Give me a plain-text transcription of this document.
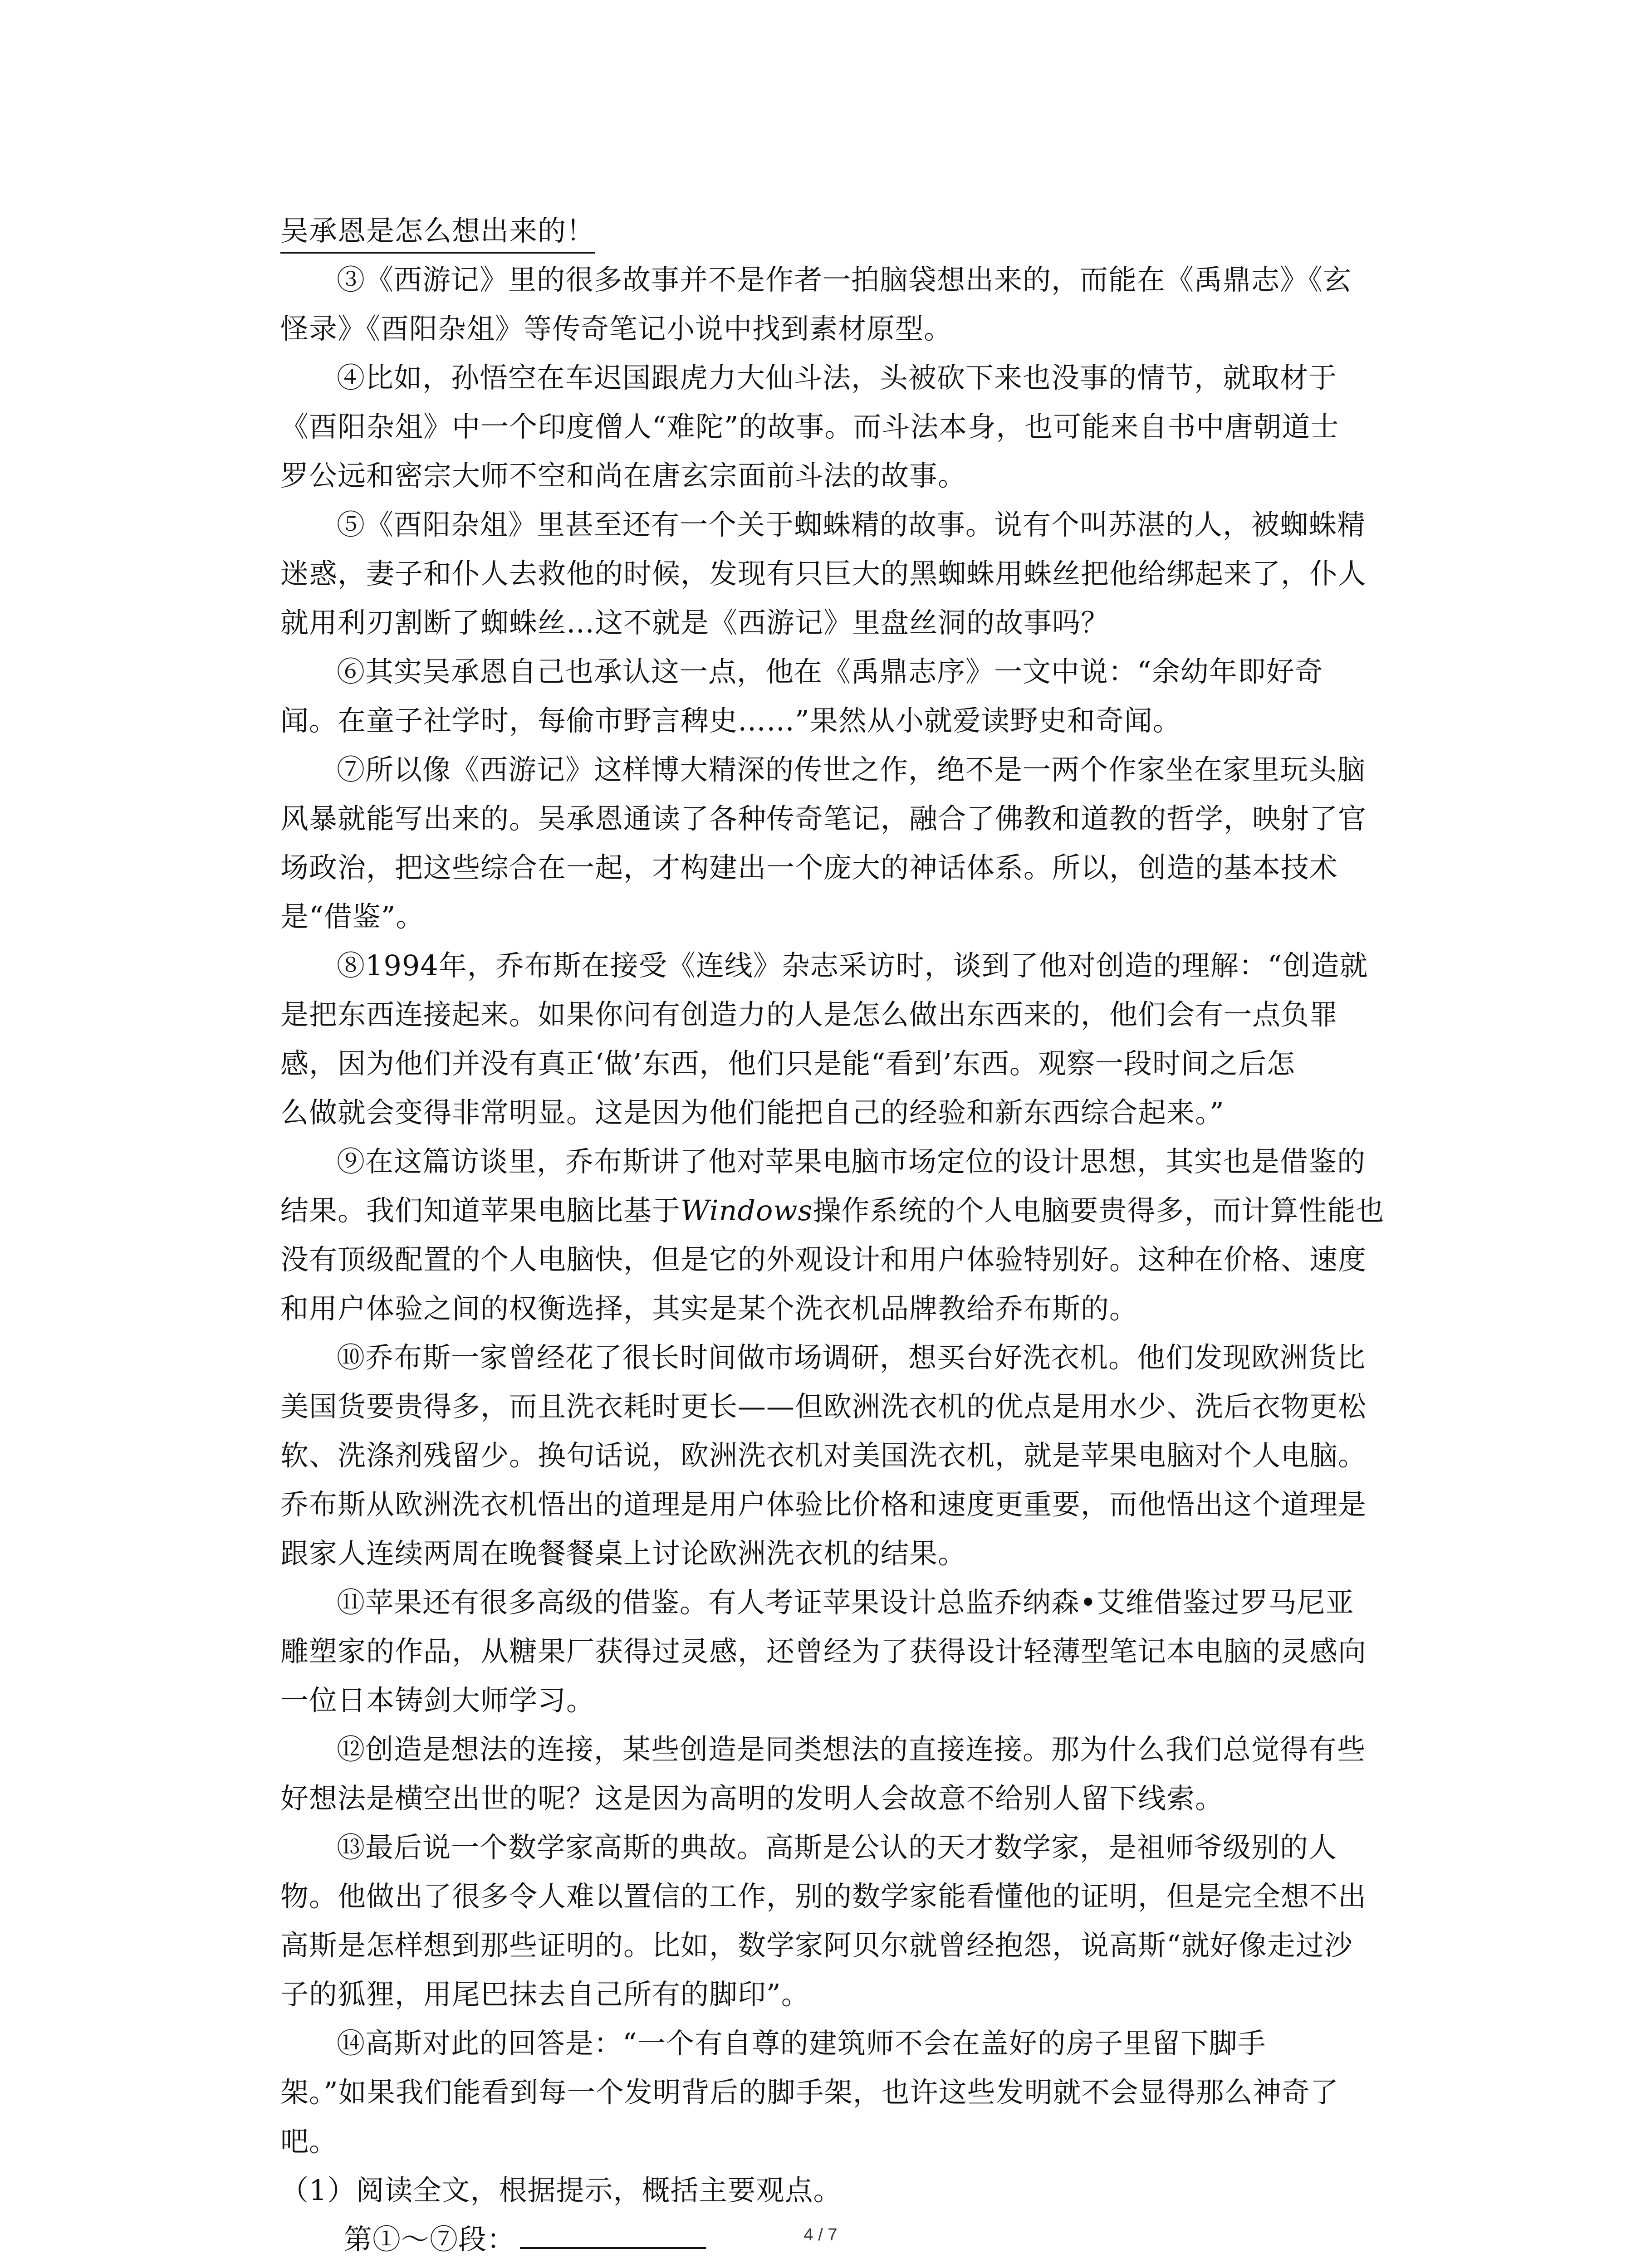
吴承恩是怎么想出来的！
③《西游记》里的很多故事并不是作者一拍脑袋想出来的，而能在《禹鼎志》《玄
怪录》《酉阳杂俎》等传奇笔记小说中找到素材原型。
④比如，孙悟空在车迟国跟虎力大仙斗法，头被砍下来也没事的情节，就取材于
《酉阳杂俎》中一个印度僧人“难陀”的故事。而斗法本身，也可能来自书中唐朝道士
罗公远和密宗大师不空和尚在唐玄宗面前斗法的故事。
⑤《酉阳杂俎》里甚至还有一个关于蜘蛛精的故事。说有个叫苏湛的人，被蜘蛛精
迷惑，妻子和仆人去救他的时候，发现有只巨大的黑蜘蛛用蛛丝把他给绑起来了，仆人
就用利刃割断了蜘蛛丝…这不就是《西游记》里盘丝洞的故事吗？
⑥其实吴承恩自己也承认这一点，他在《禹鼎志序》一文中说：“余幼年即好奇
闻。在童子社学时，每偷市野言稗史……”果然从小就爱读野史和奇闻。
⑦所以像《西游记》这样博大精深的传世之作，绝不是一两个作家坐在家里玩头脑
风暴就能写出来的。吴承恩通读了各种传奇笔记，融合了佛教和道教的哲学，映射了官
场政治，把这些综合在一起，才构建出一个庞大的神话体系。所以，创造的基本技术
是“借鉴”。
⑧1994年，乔布斯在接受《连线》杂志采访时，谈到了他对创造的理解：“创造就
是把东西连接起来。如果你问有创造力的人是怎么做出东西来的，他们会有一点负罪
感，因为他们并没有真正‘做’东西，他们只是能“看到’东西。观察一段时间之后怎
么做就会变得非常明显。这是因为他们能把自己的经验和新东西综合起来。”
⑨在这篇访谈里，乔布斯讲了他对苹果电脑市场定位的设计思想，其实也是借鉴的
结果。我们知道苹果电脑比基于Windows操作系统的个人电脑要贵得多，而计算性能也
没有顶级配置的个人电脑快，但是它的外观设计和用户体验特别好。这种在价格、速度
和用户体验之间的权衡选择，其实是某个洗衣机品牌教给乔布斯的。
⑩乔布斯一家曾经花了很长时间做市场调研，想买台好洗衣机。他们发现欧洲货比
美国货要贵得多，而且洗衣耗时更长——但欧洲洗衣机的优点是用水少、洗后衣物更松
软、洗涤剂残留少。换句话说，欧洲洗衣机对美国洗衣机，就是苹果电脑对个人电脑。
乔布斯从欧洲洗衣机悟出的道理是用户体验比价格和速度更重要，而他悟出这个道理是
跟家人连续两周在晚餐餐桌上讨论欧洲洗衣机的结果。
⑪苹果还有很多高级的借鉴。有人考证苹果设计总监乔纳森•艾维借鉴过罗马尼亚
雕塑家的作品，从糖果厂获得过灵感，还曾经为了获得设计轻薄型笔记本电脑的灵感向
一位日本铸剑大师学习。
⑫创造是想法的连接，某些创造是同类想法的直接连接。那为什么我们总觉得有些
好想法是横空出世的呢？这是因为高明的发明人会故意不给别人留下线索。
⑬最后说一个数学家高斯的典故。高斯是公认的天才数学家，是祖师爷级别的人
物。他做出了很多令人难以置信的工作，别的数学家能看懂他的证明，但是完全想不出
高斯是怎样想到那些证明的。比如，数学家阿贝尔就曾经抱怨，说高斯“就好像走过沙
子的狐狸，用尾巴抹去自己所有的脚印”。
⑭高斯对此的回答是：“一个有自尊的建筑师不会在盖好的房子里留下脚手
架。”如果我们能看到每一个发明背后的脚手架，也许这些发明就不会显得那么神奇了
吧。
（1）阅读全文，根据提示，概括主要观点。
第①～⑦段：	4 / 7
